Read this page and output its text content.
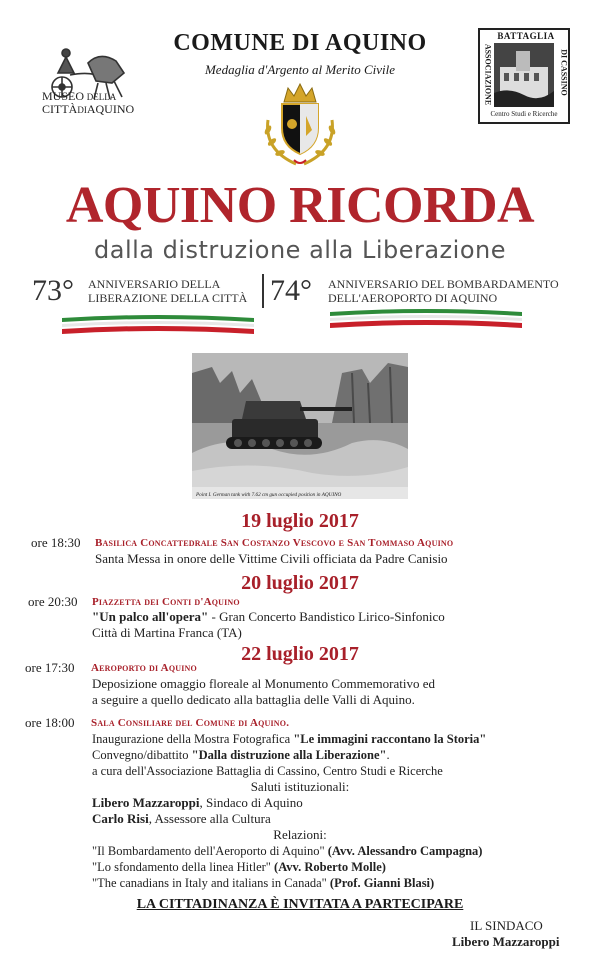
MUSEO DELLA
CITTÀDIAQUINO
COMUNE DI AQUINO
Medaglia d'Argento al Merito Civile
BATTAGLIA
ASSOCIAZIONE	DI CASSINO
Centro Studi e Ricerche
AQUINO RICORDA
dalla distruzione alla Liberazione
73° ANNIVERSARIO DELLA
LIBERAZIONE DELLA CITTÀ 74° ANNIVERSARIO DEL BOMBARDAMENTO
DELL'AEROPORTO DI AQUINO
Point I. German tank with 7.62 cm gun occupied position in AQUINO
19 luglio 2017
ore 18:30 Basilica Concattedrale San Costanzo Vescovo e San Tommaso Aquino
Santa Messa in onore delle Vittime Civili officiata da Padre Canisio
20 luglio 2017
ore 20:30 Piazzetta dei Conti d'Aquino
"Un palco all'opera" - Gran Concerto Bandistico Lirico-Sinfonico
Città di Martina Franca (TA)
22 luglio 2017
ore 17:30 Aeroporto di Aquino
Deposizione omaggio floreale al Monumento Commemorativo ed
a seguire a quello dedicato alla battaglia delle Valli di Aquino.
ore 18:00 Sala Consiliare del Comune di Aquino.
Inaugurazione della Mostra Fotografica "Le immagini raccontano la Storia"
Convegno/dibattito "Dalla distruzione alla Liberazione".
a cura dell'Associazione Battaglia di Cassino, Centro Studi e Ricerche
Saluti istituzionali:
Libero Mazzaroppi, Sindaco di Aquino
Carlo Risi, Assessore alla Cultura
Relazioni:
"Il Bombardamento dell'Aeroporto di Aquino" (Avv. Alessandro Campagna)
"Lo sfondamento della linea Hitler" (Avv. Roberto Molle)
"The canadians in Italy and italians in Canada" (Prof. Gianni Blasi)
LA CITTADINANZA È INVITATA A PARTECIPARE
IL SINDACO
Libero Mazzaroppi
